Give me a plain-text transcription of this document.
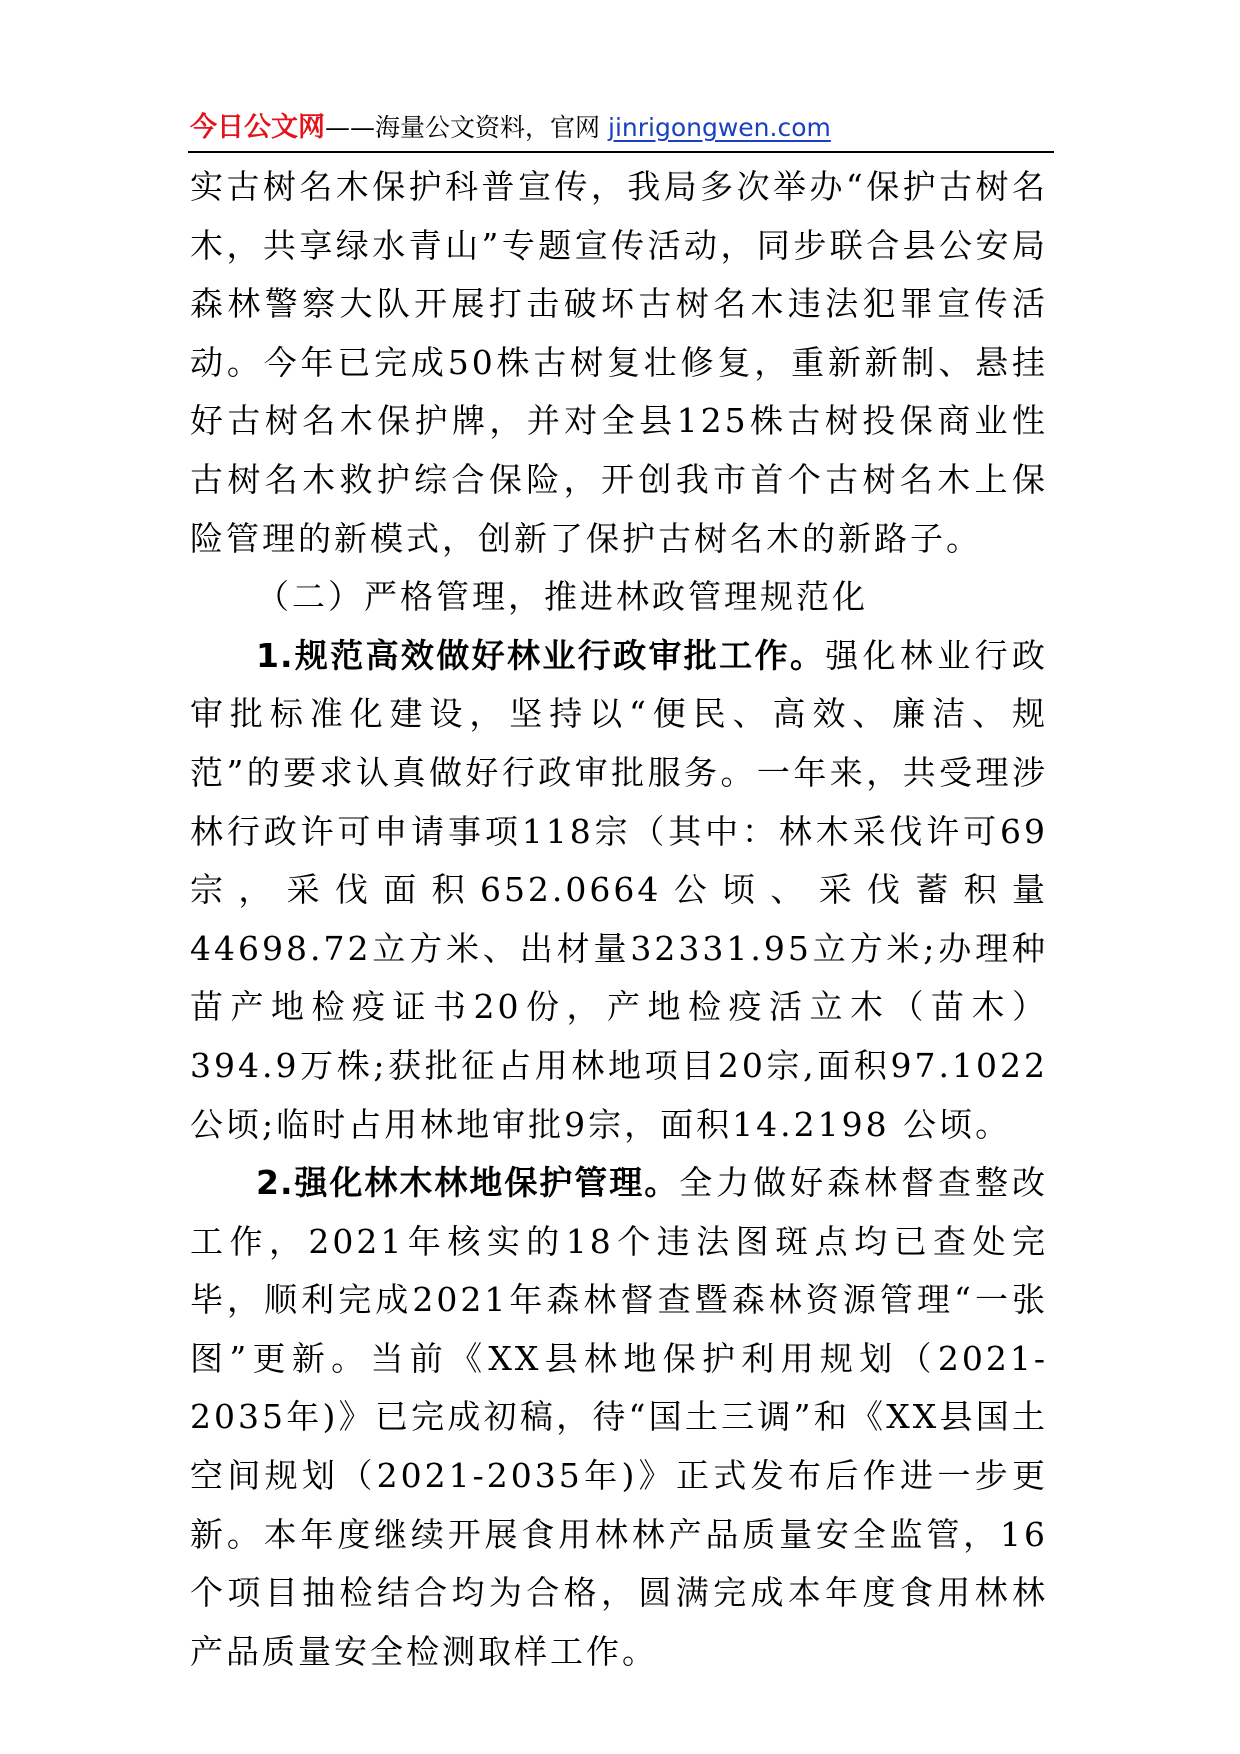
今日公文网——海量公文资料，官网 jinrigongwen.com

实古树名木保护科普宣传，我局多次举办“保护古树名木，共享绿水青山”专题宣传活动，同步联合县公安局森林警察大队开展打击破坏古树名木违法犯罪宣传活动。今年已完成50株古树复壮修复，重新新制、悬挂好古树名木保护牌，并对全县125株古树投保商业性古树名木救护综合保险，开创我市首个古树名木上保险管理的新模式，创新了保护古树名木的新路子。

（二）严格管理，推进林政管理规范化

1.规范高效做好林业行政审批工作。强化林业行政审批标准化建设，坚持以“便民、高效、廉洁、规范”的要求认真做好行政审批服务。一年来，共受理涉林行政许可申请事项118宗（其中：林木采伐许可69宗，采伐面积652.0664公顷、采伐蓄积量44698.72立方米、出材量32331.95立方米;办理种苗产地检疫证书20份，产地检疫活立木（苗木）394.9万株;获批征占用林地项目20宗,面积97.1022公顷;临时占用林地审批9宗，面积14.2198 公顷。

2.强化林木林地保护管理。全力做好森林督查整改工作，2021年核实的18个违法图斑点均已查处完毕，顺利完成2021年森林督查暨森林资源管理“一张图”更新。当前《XX县林地保护利用规划（2021-2035年)》已完成初稿，待“国土三调”和《XX县国土空间规划（2021-2035年)》正式发布后作进一步更新。本年度继续开展食用林林产品质量安全监管，16个项目抽检结合均为合格，圆满完成本年度食用林林产品质量安全检测取样工作。
